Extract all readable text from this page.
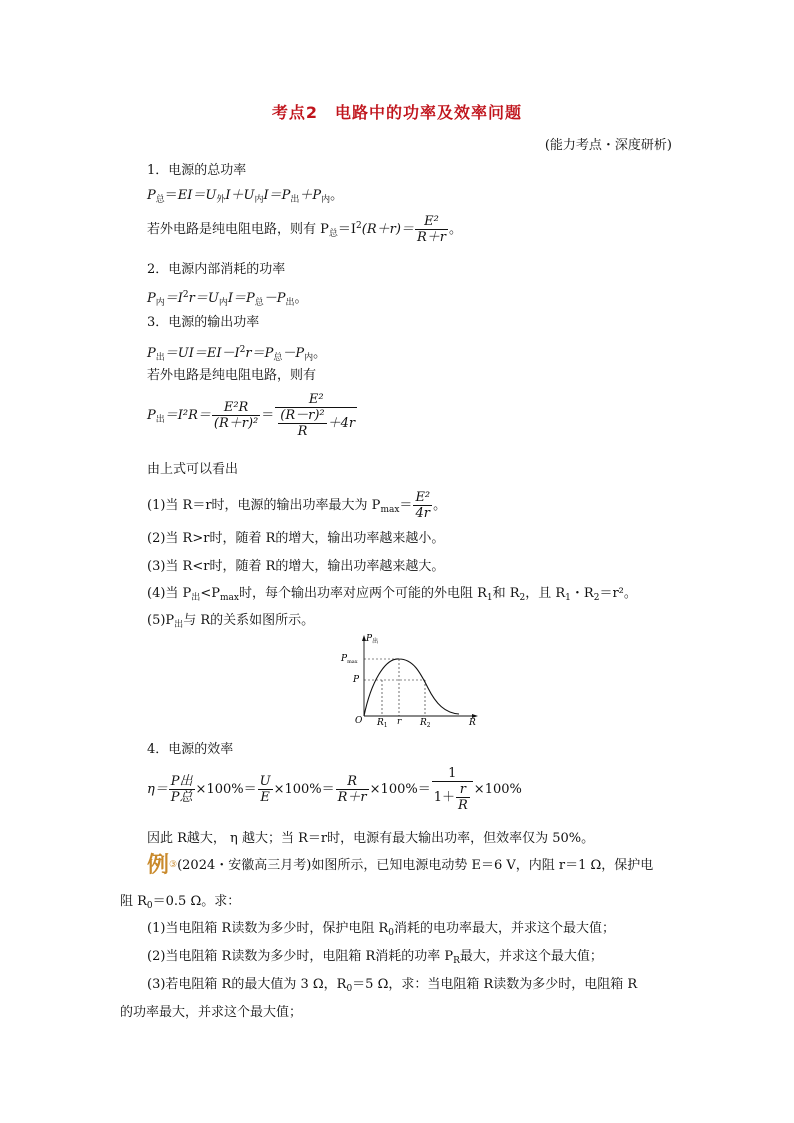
考点2　电路中的功率及效率问题
(能力考点・深度研析)
1．电源的总功率
$P_总=EI=U_外I+U_内I=P_出+P_内$。
若外电路是纯电阻电路，则有 $P_总=I^2(R+r)= \frac{\text{E²}}{R+r}$ 。
2．电源内部消耗的功率
$P_内=I^2r=U_内I=P_总-P_出$。
3．电源的输出功率
$P_出=UI=EI-I^2r=P_总-P_内$。
若外电路是纯电阻电路，则有
$P_出=I^2R= \frac{\text{E²R}}{\text{(R＋r)²}} = \frac{\text{E²}}{\frac{\text{(R－r)²}}{R} +4r}$
由上式可以看出
(1)当 R＝r时，电源的输出功率最大为 $P_{max}= \frac{\text{E²}}{4r}$ 。
(2)当 R>r时，随着 R的增大，输出功率越来越小。
(3)当 R<r时，随着 R的增大，输出功率越来越大。
(4)当 $P_出<P_{max}$时，每个输出功率对应两个可能的外电阻 $R_1$和 $R_2$，且 $R_1$・$R_2=r^2$。
$(5)P_出$与 R的关系如图所示。
$P_出$
$P_{max}$
P
O $R_1$ r $R_2$	R
4．电源的效率
$\eta= \frac{\text{P出}}{\text{P总}} \times 100\%= \frac{U}{E} \times 100\%= \frac{R}{R+r} \times 100\%= \frac{1}{1+ \frac{r}{R}} \times 100\%$
因此 R越大， η 越大；当 R＝r时，电源有最大输出功率，但效率仅为 50%。
例③(2024・安徽高三月考)如图所示，已知电源电动势 E＝6 V，内阻 r＝1 Ω，保护电
阻 $R_0=0.5$ Ω。求：
(1)当电阻箱 R读数为多少时，保护电阻 $R_0$消耗的电功率最大，并求这个最大值；
(2)当电阻箱 R读数为多少时，电阻箱 R消耗的功率 $P_R$最大，并求这个最大值；
(3)若电阻箱 R的最大值为 3 Ω，$R_0=5$ Ω，求：当电阻箱 R读数为多少时，电阻箱 R
的功率最大，并求这个最大值；
